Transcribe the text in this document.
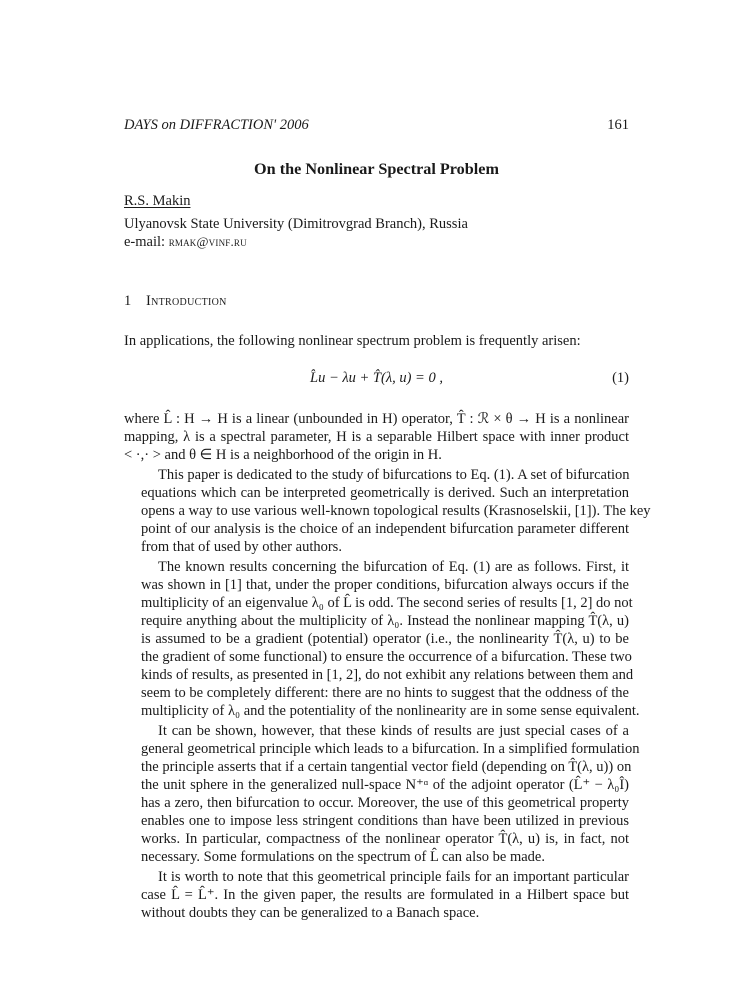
DAYS on DIFFRACTION' 2006	161
On the Nonlinear Spectral Problem
R.S. Makin
Ulyanovsk State University (Dimitrovgrad Branch), Russia
e-mail: rmak@vinf.ru
1 Introduction
In applications, the following nonlinear spectrum problem is frequently arisen:
L̂u − λu + T̂(λ, u) = 0 ,	(1)

where L̂ : H → H is a linear (unbounded in H) operator, T̂ : ℛ × θ → H is a nonlinear
mapping, λ is a spectral parameter, H is a separable Hilbert space with inner product
< ·,· > and θ ∈ H is a neighborhood of the origin in H.

This paper is dedicated to the study of bifurcations to Eq. (1). A set of bifurcation
equations which can be interpreted geometrically is derived. Such an interpretation
opens a way to use various well-known topological results (Krasnoselskii, [1]). The key
point of our analysis is the choice of an independent bifurcation parameter different
from that of used by other authors.

The known results concerning the bifurcation of Eq. (1) are as follows. First, it
was shown in [1] that, under the proper conditions, bifurcation always occurs if the
multiplicity of an eigenvalue λ₀ of L̂ is odd. The second series of results [1, 2] do not
require anything about the multiplicity of λ₀. Instead the nonlinear mapping T̂(λ, u)
is assumed to be a gradient (potential) operator (i.e., the nonlinearity T̂(λ, u) to be
the gradient of some functional) to ensure the occurrence of a bifurcation. These two
kinds of results, as presented in [1, 2], do not exhibit any relations between them and
seem to be completely different: there are no hints to suggest that the oddness of the
multiplicity of λ₀ and the potentiality of the nonlinearity are in some sense equivalent.

It can be shown, however, that these kinds of results are just special cases of a
general geometrical principle which leads to a bifurcation. In a simplified formulation
the principle asserts that if a certain tangential vector field (depending on T̂(λ, u)) on
the unit sphere in the generalized null-space N⁺ᵅ of the adjoint operator (L̂⁺ − λ₀Î)
has a zero, then bifurcation to occur. Moreover, the use of this geometrical property
enables one to impose less stringent conditions than have been utilized in previous
works. In particular, compactness of the nonlinear operator T̂(λ, u) is, in fact, not
necessary. Some formulations on the spectrum of L̂ can also be made.

It is worth to note that this geometrical principle fails for an important particular
case L̂ = L̂⁺. In the given paper, the results are formulated in a Hilbert space but
without doubts they can be generalized to a Banach space.
